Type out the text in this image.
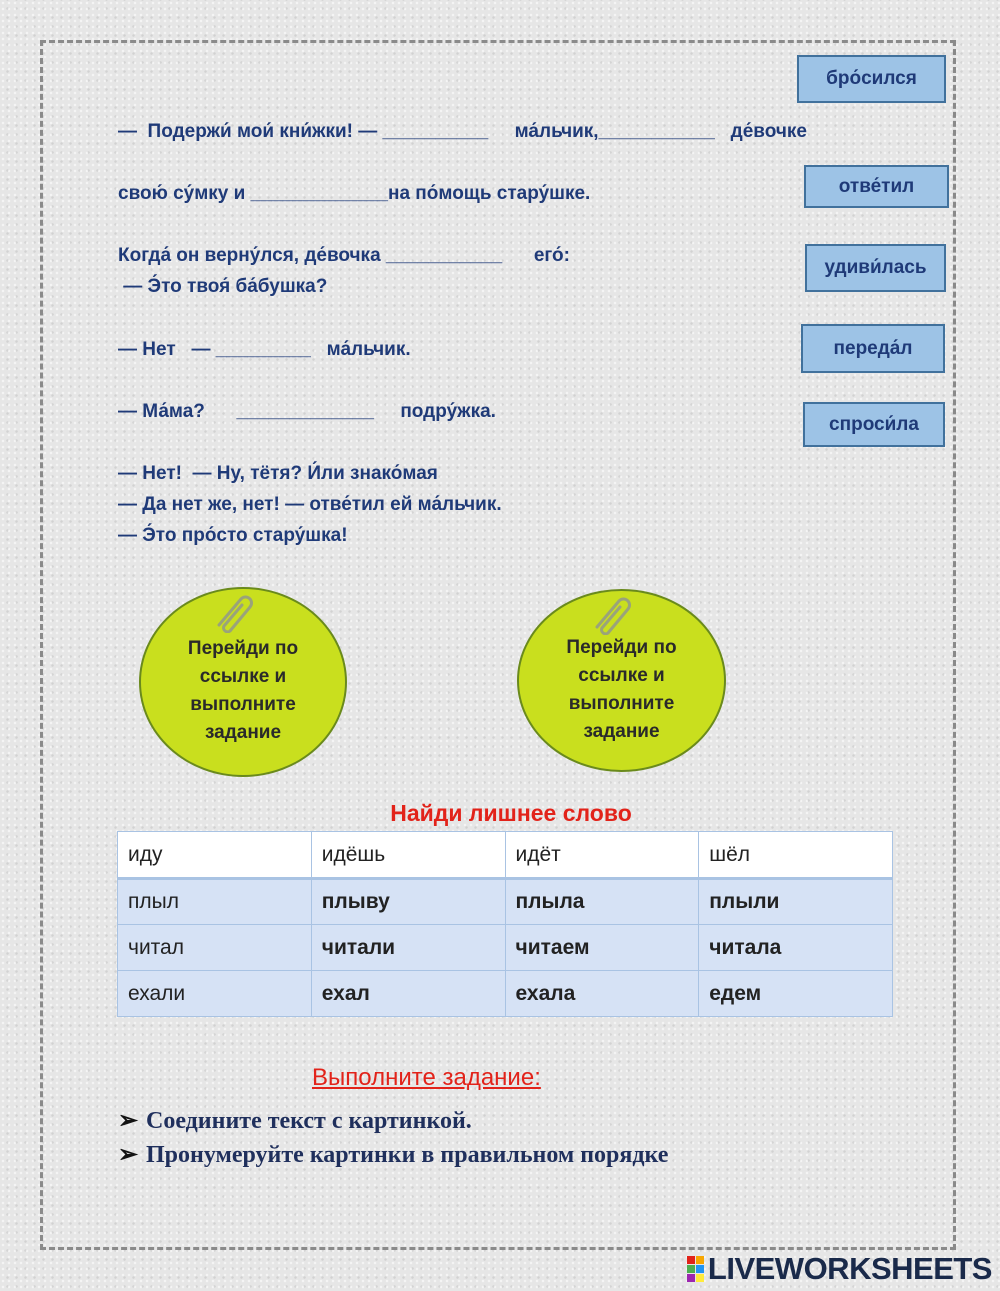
—  Подержи́ мои́ кни́жки! — __________     ма́льчик,___________   де́вочке
свою́ су́мку и _____________на по́мощь стару́шке.
Когда́ он верну́лся, де́вочка ___________      его́:
— Э́то твоя́ ба́бушка?
— Нет   — _________   ма́льчик.
— Ма́ма?      _____________     подру́жка.
— Нет!  — Ну, тётя? И́ли знако́мая
— Да нет же, нет! — отве́тил ей ма́льчик.
— Э́то про́сто стару́шка!
бро́сился
отве́тил
удиви́лась
переда́л
спроси́ла
Перейди по ссылке и выполните задание
Перейди по ссылке и выполните задание
Найди лишнее слово
иду	идёшь	идёт	шёл
плыл	плыву	плыла	плыли
читал	читали	читаем	читала
ехали	ехал	ехала	едем
Выполните задание:
➢ Соедините текст с картинкой.
➢ Пронумеруйте картинки в правильном порядке
LIVEWORKSHEETS
